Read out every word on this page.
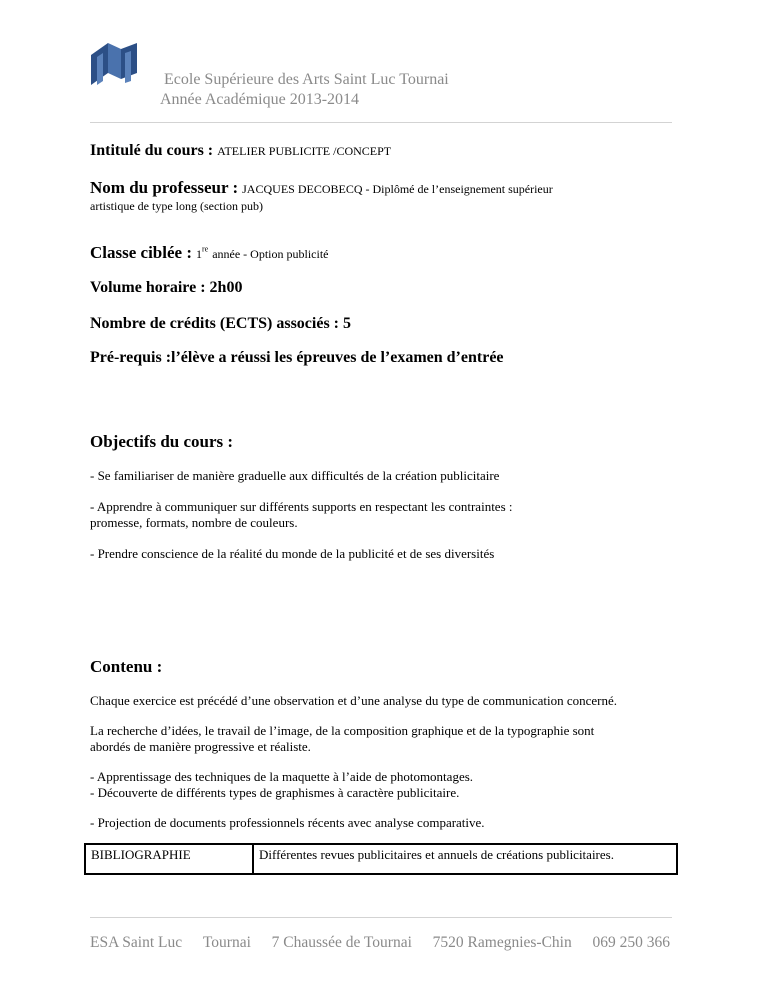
Ecole Supérieure des Arts Saint Luc Tournai
Année Académique 2013-2014
Intitulé du cours : ATELIER PUBLICITE /CONCEPT
Nom du professeur : JACQUES DECOBECQ - Diplômé de l’enseignement supérieur
artistique de type long (section pub)
Classe ciblée : 1re année - Option publicité
Volume horaire : 2h00
Nombre de crédits (ECTS) associés : 5
Pré-requis :l’élève a réussi les épreuves de l’examen d’entrée
Objectifs du cours :
- Se familiariser de manière graduelle aux difficultés de la création publicitaire
- Apprendre à communiquer sur différents supports en respectant les contraintes :
promesse, formats, nombre de couleurs.
- Prendre conscience de la réalité du monde de la publicité et de ses diversités
Contenu :
Chaque exercice est précédé d’une observation et d’une analyse du type de communication concerné.
La recherche d’idées, le travail de l’image, de la composition graphique et de la typographie sont
abordés de manière progressive et réaliste.
- Apprentissage des techniques de la maquette à l’aide de photomontages.
- Découverte de différents types de graphismes à caractère publicitaire.
- Projection de documents professionnels récents avec analyse comparative.
BIBLIOGRAPHIE	Différentes revues publicitaires et annuels de créations publicitaires.
ESA Saint Luc Tournai 7 Chaussée de Tournai 7520 Ramegnies-Chin 069 250 366
